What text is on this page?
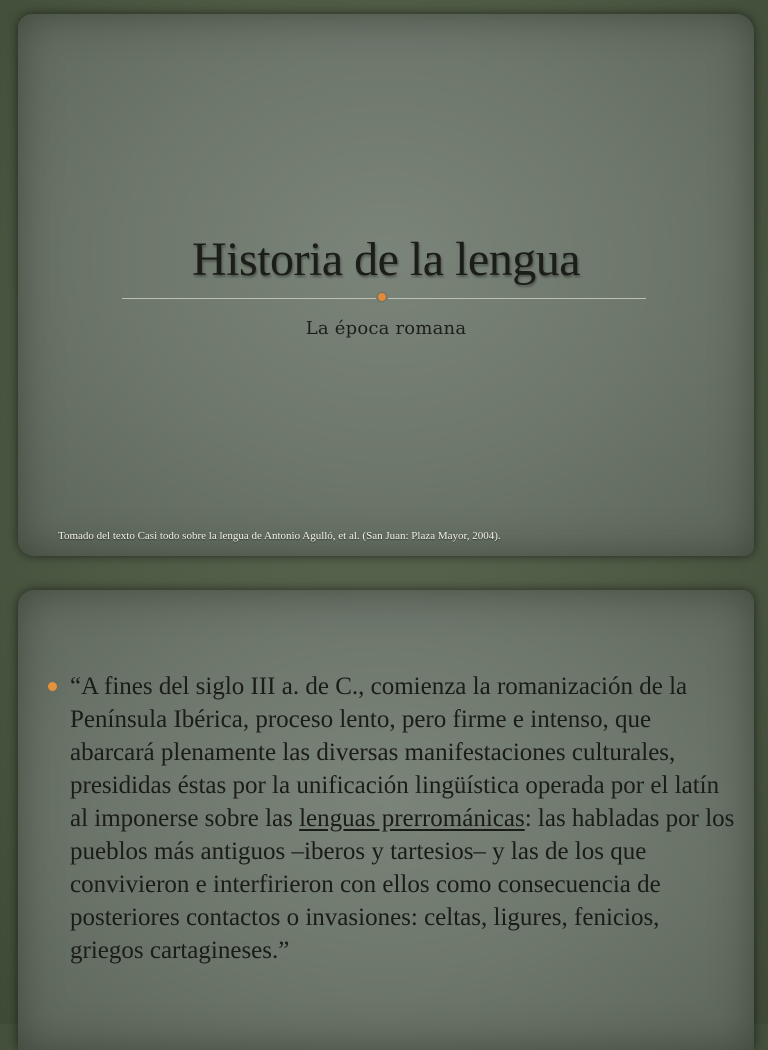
Historia de la lengua
La época romana
Tomado del texto Casi todo sobre la lengua de Antonio Agulló, et al. (San Juan: Plaza Mayor, 2004).
“A fines del siglo III a. de C., comienza la romanización de la Península Ibérica, proceso lento, pero firme e intenso, que abarcará plenamente las diversas manifestaciones culturales, presididas éstas por la unificación lingüística operada por el latín al imponerse sobre las lenguas prerrománicas: las habladas por los pueblos más antiguos –iberos y tartesios– y las de los que convivieron e interfirieron con ellos como consecuencia de posteriores contactos o invasiones: celtas, ligures, fenicios, griegos cartagineses.”
